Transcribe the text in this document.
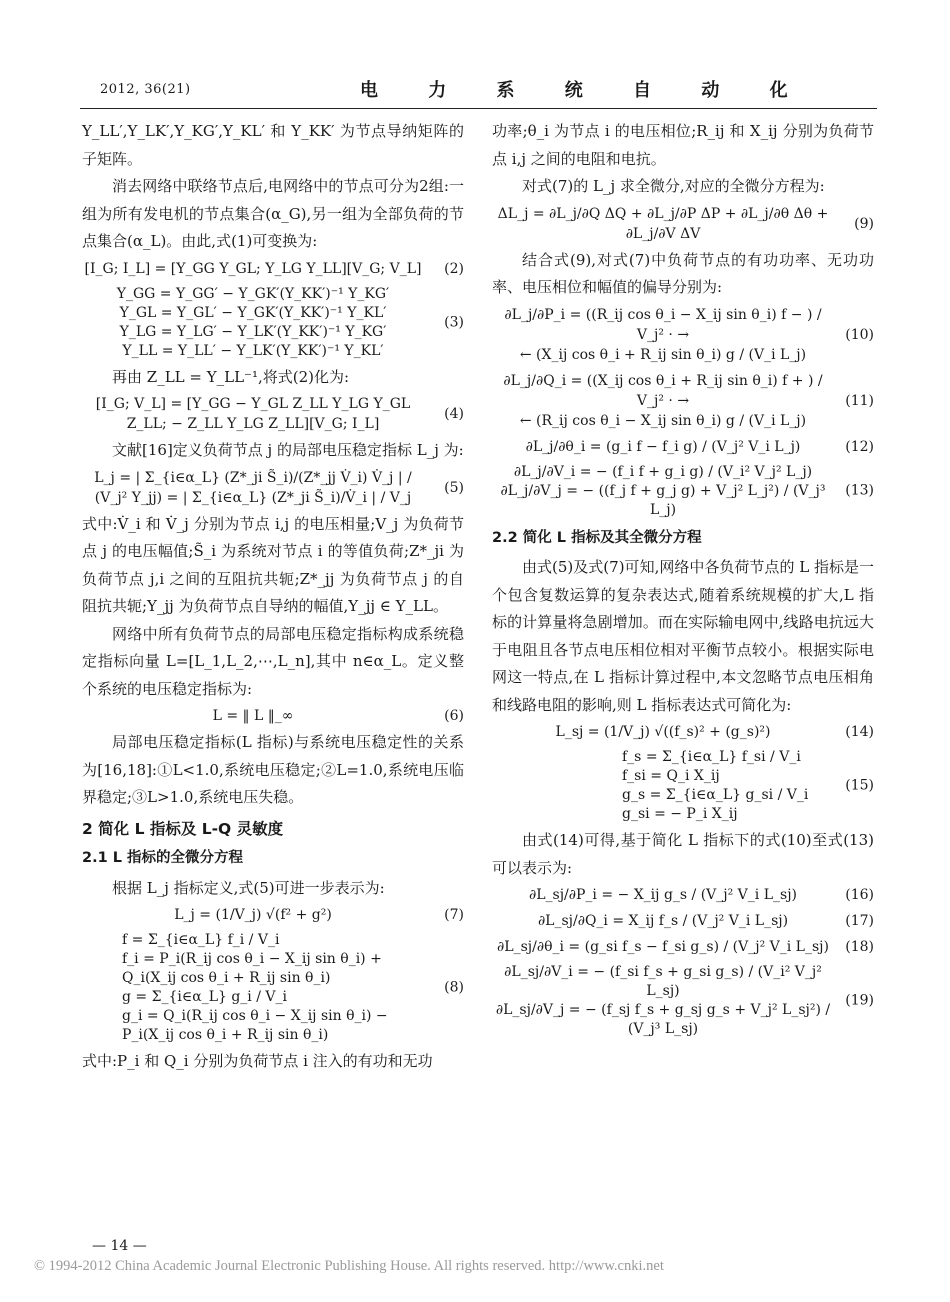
2012, 36(21)	电 力 系 统 自 动 化

Y_LL′,Y_LK′,Y_KG′,Y_KL′ 和 Y_KK′ 为节点导纳矩阵的子矩阵。

消去网络中联络节点后,电网络中的节点可分为2组:一组为所有发电机的节点集合(α_G),另一组为全部负荷的节点集合(α_L)。由此,式(1)可变换为:

[I_G; I_L] = [Y_GG Y_GL; Y_LG Y_LL][V_G; V_L] (2)
Y_GG = Y_GG′ − Y_GK′(Y_KK′)⁻¹ Y_KG′
Y_GL = Y_GL′ − Y_GK′(Y_KK′)⁻¹ Y_KL′
Y_LG = Y_LG′ − Y_LK′(Y_KK′)⁻¹ Y_KG′
Y_LL = Y_LL′ − Y_LK′(Y_KK′)⁻¹ Y_KL′
(3)

再由 Z_LL = Y_LL⁻¹,将式(2)化为:

[I_G; V_L] = [Y_GG − Y_GL Z_LL Y_LG Y_GL Z_LL; − Z_LL Y_LG Z_LL][V_G; I_L]
(4)

文献[16]定义负荷节点 j 的局部电压稳定指标 L_j 为:

L_j = | Σ_{i∈α_L} (Z*_ji S̃_i)/(Z*_jj V̇_i) V̇_j | / (V_j² Y_jj) = | Σ_{i∈α_L} (Z*_ji S̃_i)/V̇_i | / V_j
(5)

式中:V̇_i 和 V̇_j 分别为节点 i,j 的电压相量;V_j 为负荷节点 j 的电压幅值;S̃_i 为系统对节点 i 的等值负荷;Z*_ji 为负荷节点 j,i 之间的互阻抗共轭;Z*_jj 为负荷节点 j 的自阻抗共轭;Y_jj 为负荷节点自导纳的幅值,Y_jj ∈ Y_LL。

网络中所有负荷节点的局部电压稳定指标构成系统稳定指标向量 L=[L_1,L_2,⋯,L_n],其中 n∈α_L。定义整个系统的电压稳定指标为:

L = ‖ L ‖_∞	(6)

局部电压稳定指标(L 指标)与系统电压稳定性的关系为[16,18]:①L<1.0,系统电压稳定;②L=1.0,系统电压临界稳定;③L>1.0,系统电压失稳。

2 简化 L 指标及 L-Q 灵敏度
2.1 L 指标的全微分方程

根据 L_j 指标定义,式(5)可进一步表示为:

L_j = (1/V_j) √(f² + g²)	(7)
f = Σ_{i∈α_L} f_i / V_i
f_i = P_i(R_ij cos θ_i − X_ij sin θ_i) +
Q_i(X_ij cos θ_i + R_ij sin θ_i)
g = Σ_{i∈α_L} g_i / V_i
g_i = Q_i(R_ij cos θ_i − X_ij sin θ_i) −
P_i(X_ij cos θ_i + R_ij sin θ_i)
(8)

式中:P_i 和 Q_i 分别为负荷节点 i 注入的有功和无功

功率;θ_i 为节点 i 的电压相位;R_ij 和 X_ij 分别为负荷节点 i,j 之间的电阻和电抗。

对式(7)的 L_j 求全微分,对应的全微分方程为:

ΔL_j = ∂L_j/∂Q ΔQ + ∂L_j/∂P ΔP + ∂L_j/∂θ Δθ + ∂L_j/∂V ΔV
(9)

结合式(9),对式(7)中负荷节点的有功功率、无功功率、电压相位和幅值的偏导分别为:

∂L_j/∂P_i = ((R_ij cos θ_i − X_ij sin θ_i) f − ) / V_j² · →
← (X_ij cos θ_i + R_ij sin θ_i) g / (V_i L_j)
(10)
∂L_j/∂Q_i = ((X_ij cos θ_i + R_ij sin θ_i) f + ) / V_j² · →
← (R_ij cos θ_i − X_ij sin θ_i) g / (V_i L_j)
(11)
∂L_j/∂θ_i = (g_i f − f_i g) / (V_j² V_i L_j)	(12)
∂L_j/∂V_i = − (f_i f + g_i g) / (V_i² V_j² L_j)
∂L_j/∂V_j = − ((f_j f + g_j g) + V_j² L_j²) / (V_j³ L_j)
(13)
2.2 简化 L 指标及其全微分方程

由式(5)及式(7)可知,网络中各负荷节点的 L 指标是一个包含复数运算的复杂表达式,随着系统规模的扩大,L 指标的计算量将急剧增加。而在实际输电网中,线路电抗远大于电阻且各节点电压相位相对平衡节点较小。根据实际电网这一特点,在 L 指标计算过程中,本文忽略节点电压相角和线路电阻的影响,则 L 指标表达式可简化为:

L_sj = (1/V_j) √((f_s)² + (g_s)²)	(14)
f_s = Σ_{i∈α_L} f_si / V_i
f_si = Q_i X_ij
g_s = Σ_{i∈α_L} g_si / V_i
g_si = − P_i X_ij
(15)

由式(14)可得,基于简化 L 指标下的式(10)至式(13)可以表示为:

∂L_sj/∂P_i = − X_ij g_s / (V_j² V_i L_sj)	(16)
∂L_sj/∂Q_i = X_ij f_s / (V_j² V_i L_sj)	(17)
∂L_sj/∂θ_i = (g_si f_s − f_si g_s) / (V_j² V_i L_sj) (18)
∂L_sj/∂V_i = − (f_si f_s + g_si g_s) / (V_i² V_j² L_sj)
∂L_sj/∂V_j = − (f_sj f_s + g_sj g_s + V_j² L_sj²) / (V_j³ L_sj)
(19)
— 14 —
© 1994-2012 China Academic Journal Electronic Publishing House. All rights reserved. http://www.cnki.net
